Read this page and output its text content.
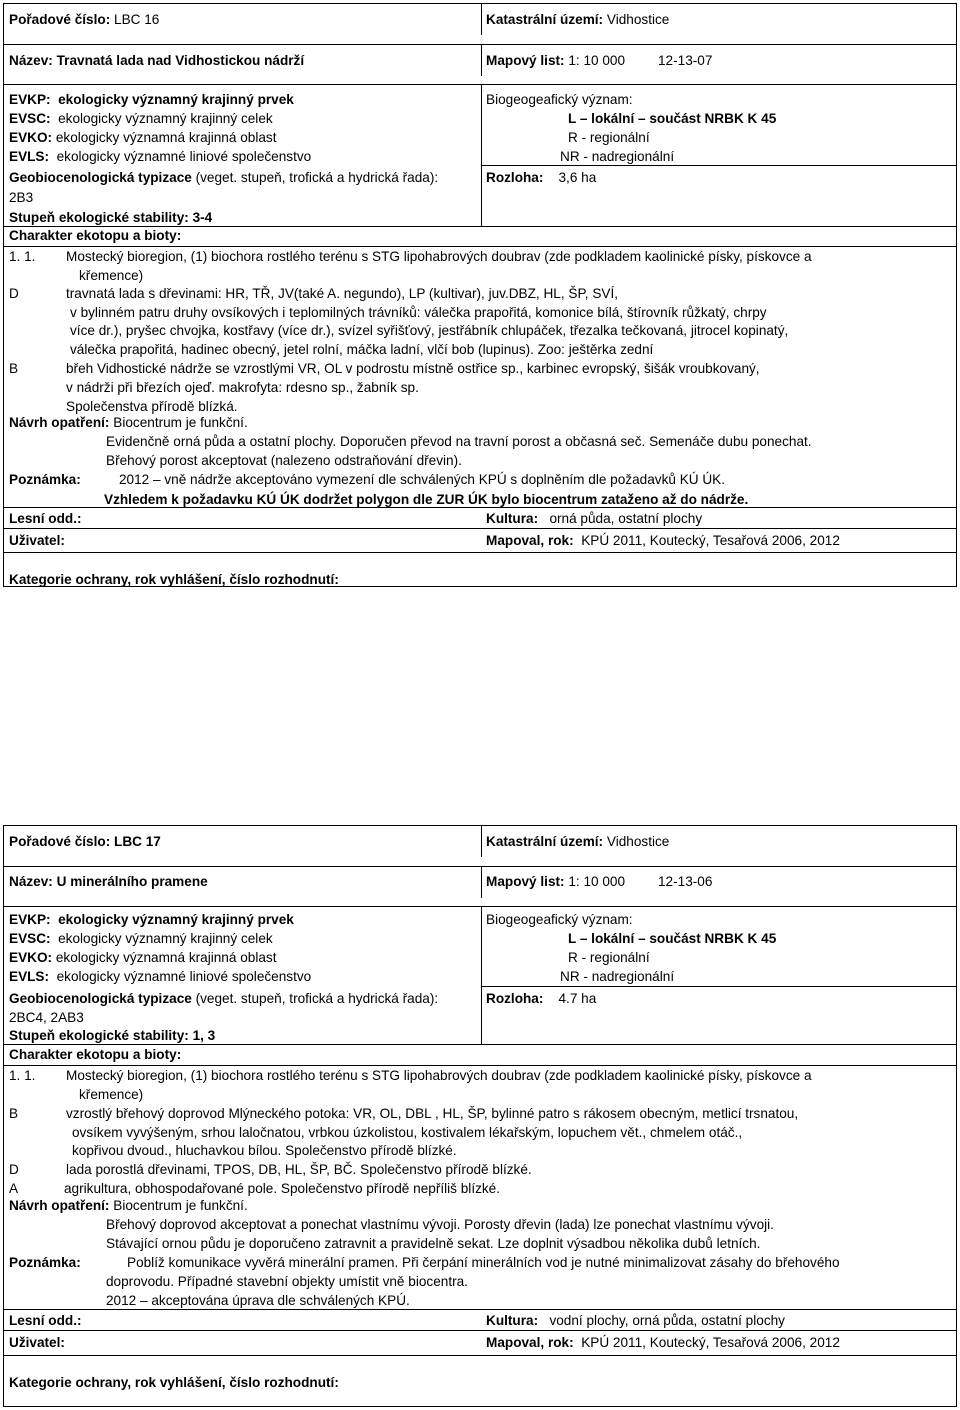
Pořadové číslo: LBC 16	Katastrální území: Vidhostice
Název: Travnatá lada nad Vidhostickou nádrží	Mapový list: 1: 10 000 12-13-07
EVKP: ekologicky významný krajinný prvek
EVSC: ekologicky významný krajinný celek
EVKO: ekologicky významná krajinná oblast
EVLS: ekologicky významné liniové společenstvo
Geobiocenologická typizace (veget. stupeň, trofická a hydrická řada):
2B3
Stupeň ekologické stability: 3-4
Biogeogeafický význam:
L – lokální – součást NRBK K 45
R - regionální
NR - nadregionální
Rozloha: 3,6 ha
Charakter ekotopu a bioty:
1. 1. Mostecký bioregion, (1) biochora rostlého terénu s STG lipohabrových doubrav (zde podkladem kaolinické písky, pískovce a
křemence)
D	travnatá lada s dřevinami: HR, TŘ, JV(také A. negundo), LP (kultivar), juv.DBZ, HL, ŠP, SVÍ,
v bylinném patru druhy ovsíkových i teplomilných trávníků: válečka prapořitá, komonice bílá, štírovník růžkatý, chrpy
více dr.), pryšec chvojka, kostřavy (více dr.), svízel syřišťový, jestřábník chlupáček, třezalka tečkovaná, jitrocel kopinatý,
válečka prapořitá, hadinec obecný, jetel rolní, máčka ladní, vlčí bob (lupinus). Zoo: ještěrka zední
B	břeh Vidhostické nádrže se vzrostlými VR, OL v podrostu místně ostřice sp., karbinec evropský, šišák vroubkovaný,
v nádrži při březích ojeď. makrofyta: rdesno sp., žabník sp.
Společenstva přírodě blízká.
Návrh opatření: Biocentrum je funkční.
Evidenčně orná půda a ostatní plochy. Doporučen převod na travní porost a občasná seč. Semenáče dubu ponechat.
Břehový porost akceptovat (nalezeno odstraňování dřevin).
Poznámka:	2012 – vně nádrže akceptováno vymezení dle schválených KPÚ s doplněním dle požadavků KÚ ÚK.
Vzhledem k požadavku KÚ ÚK dodržet polygon dle ZUR ÚK bylo biocentrum zataženo až do nádrže.
Lesní odd.:	Kultura: orná půda, ostatní plochy
Uživatel:	Mapoval, rok: KPÚ 2011, Koutecký, Tesařová 2006, 2012
Kategorie ochrany, rok vyhlášení, číslo rozhodnutí:
Pořadové číslo: LBC 17	Katastrální území: Vidhostice
Název: U minerálního pramene	Mapový list: 1: 10 000 12-13-06
EVKP: ekologicky významný krajinný prvek
EVSC: ekologicky významný krajinný celek
EVKO: ekologicky významná krajinná oblast
EVLS: ekologicky významné liniové společenstvo
Geobiocenologická typizace (veget. stupeň, trofická a hydrická řada):
2BC4, 2AB3
Stupeň ekologické stability: 1, 3
Biogeogeafický význam:
L – lokální – součást NRBK K 45
R - regionální
NR - nadregionální
Rozloha: 4.7 ha
Charakter ekotopu a bioty:
1. 1. Mostecký bioregion, (1) biochora rostlého terénu s STG lipohabrových doubrav (zde podkladem kaolinické písky, pískovce a
křemence)
B	vzrostlý břehový doprovod Mlýneckého potoka: VR, OL, DBL , HL, ŠP, bylinné patro s rákosem obecným, metlicí trsnatou,
ovsíkem vyvýšeným, srhou laločnatou, vrbkou úzkolistou, kostivalem lékařským, lopuchem vět., chmelem otáč.,
kopřivou dvoud., hluchavkou bílou. Společenstvo přírodě blízké.
D	lada porostlá dřevinami, TPOS, DB, HL, ŠP, BČ. Společenstvo přírodě blízké.
A	agrikultura, obhospodařované pole. Společenstvo přírodě nepříliš blízké.
Návrh opatření: Biocentrum je funkční.
Břehový doprovod akceptovat a ponechat vlastnímu vývoji. Porosty dřevin (lada) lze ponechat vlastnímu vývoji.
Stávající ornou půdu je doporučeno zatravnit a pravidelně sekat. Lze doplnit výsadbou několika dubů letních.
Poznámka:	Poblíž komunikace vyvěrá minerální pramen. Při čerpání minerálních vod je nutné minimalizovat zásahy do břehového
doprovodu. Případné stavební objekty umístit vně biocentra.
2012 – akceptována úprava dle schválených KPÚ.
Lesní odd.:	Kultura: vodní plochy, orná půda, ostatní plochy
Uživatel:	Mapoval, rok: KPÚ 2011, Koutecký, Tesařová 2006, 2012
Kategorie ochrany, rok vyhlášení, číslo rozhodnutí:
